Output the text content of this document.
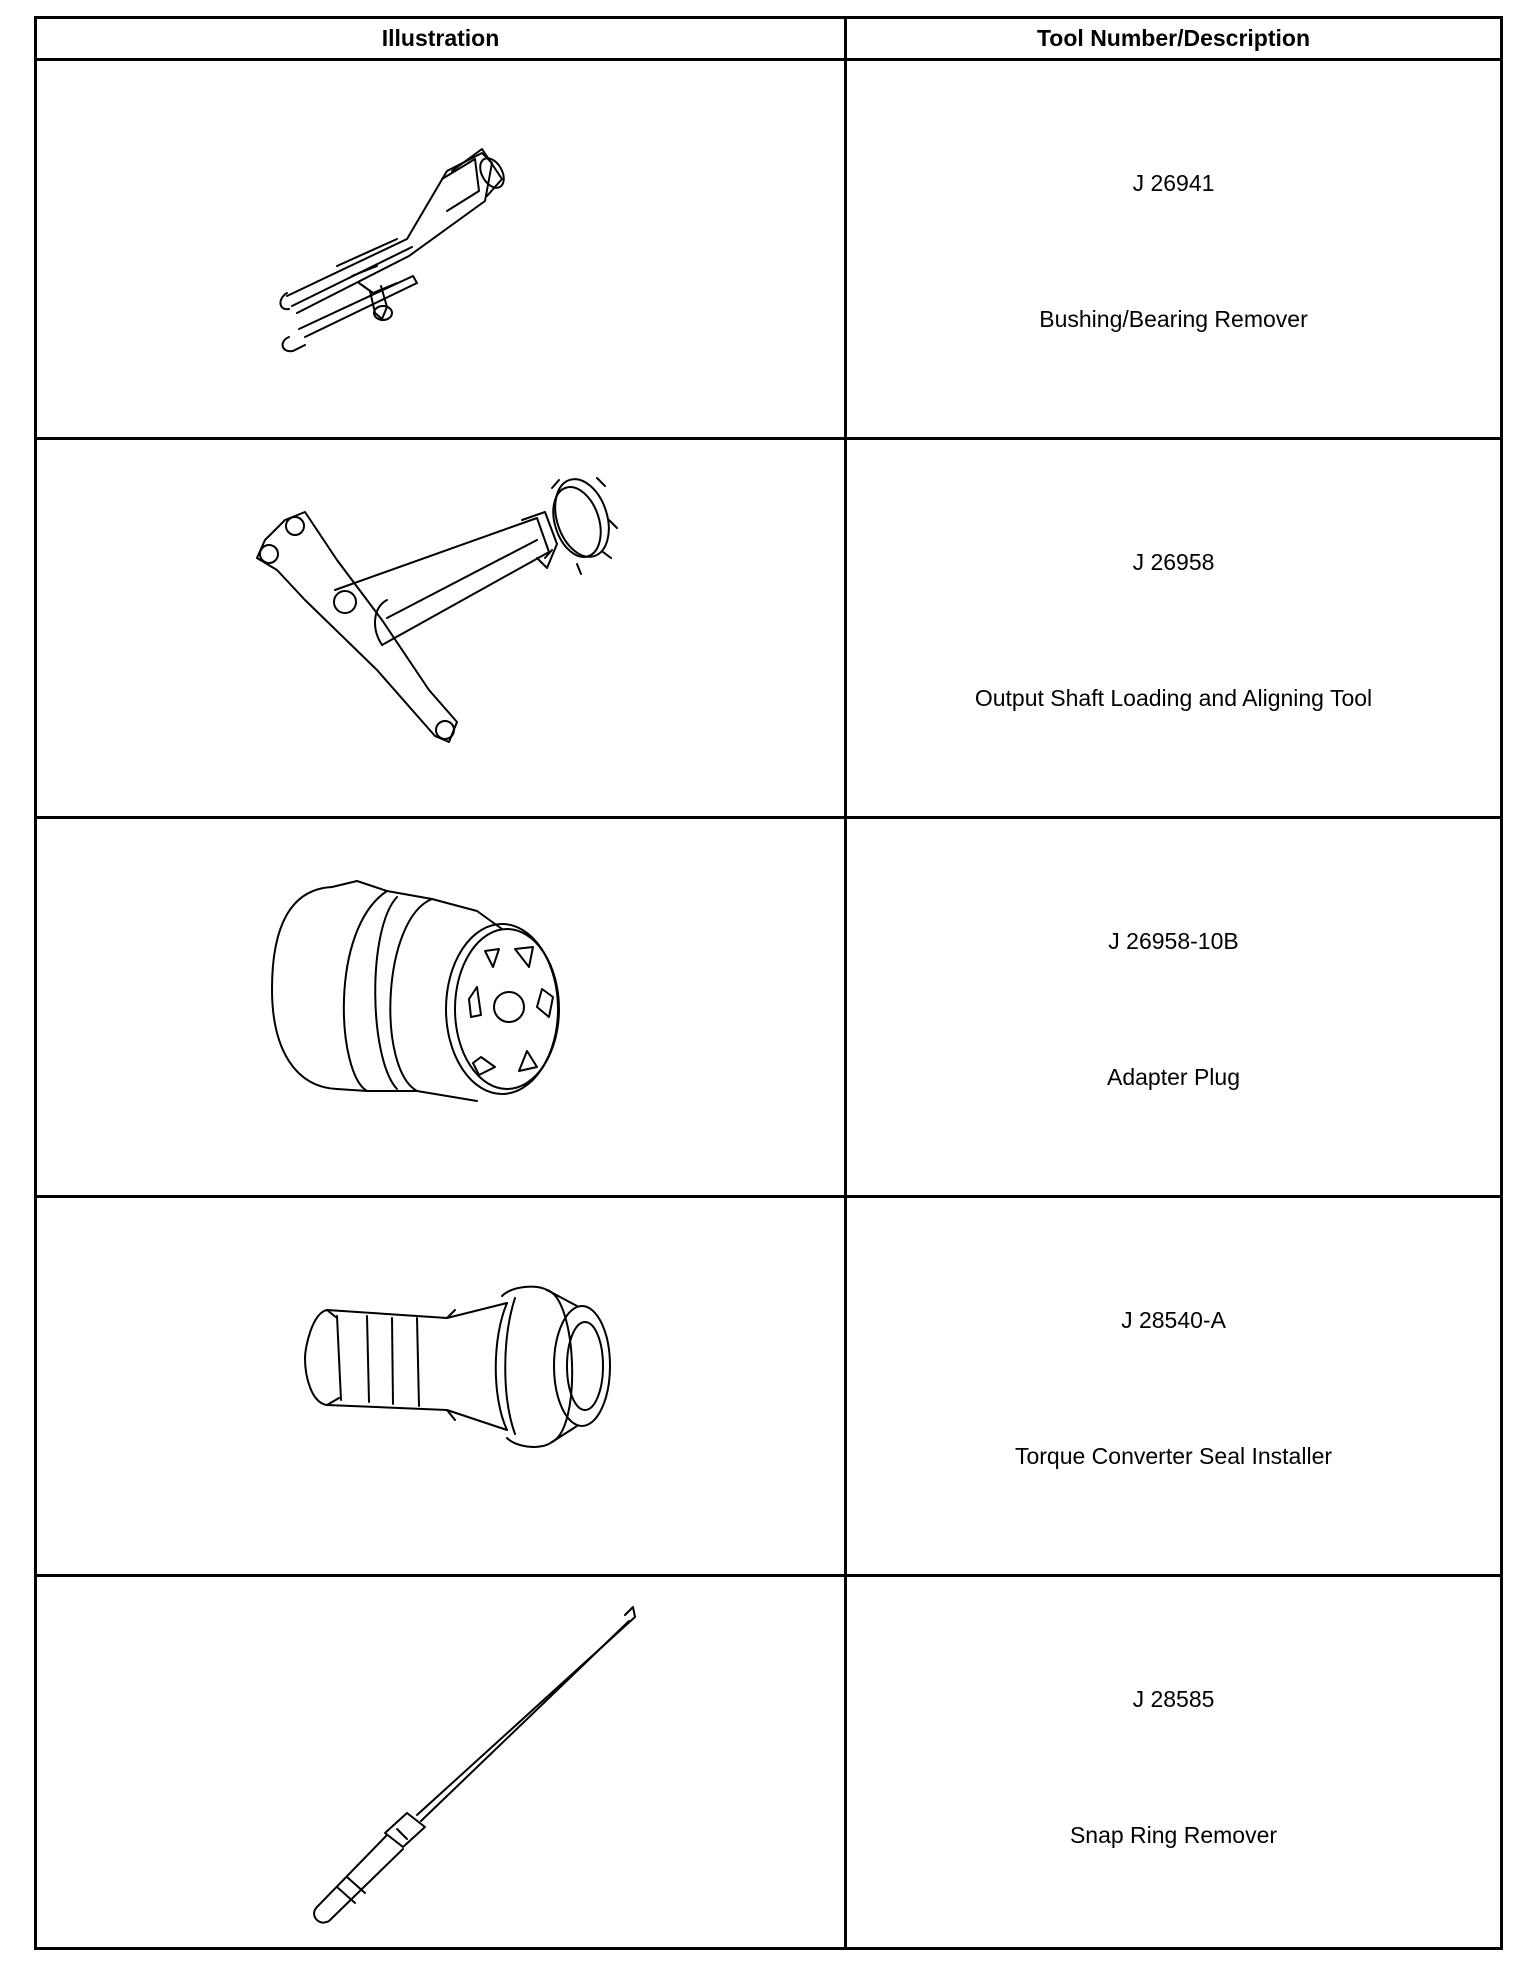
Illustration	Tool Number/Description
J 26941
Bushing/Bearing Remover
J 26958
Output Shaft Loading and Aligning Tool
J 26958-10B
Adapter Plug
J 28540-A
Torque Converter Seal Installer
J 28585
Snap Ring Remover
